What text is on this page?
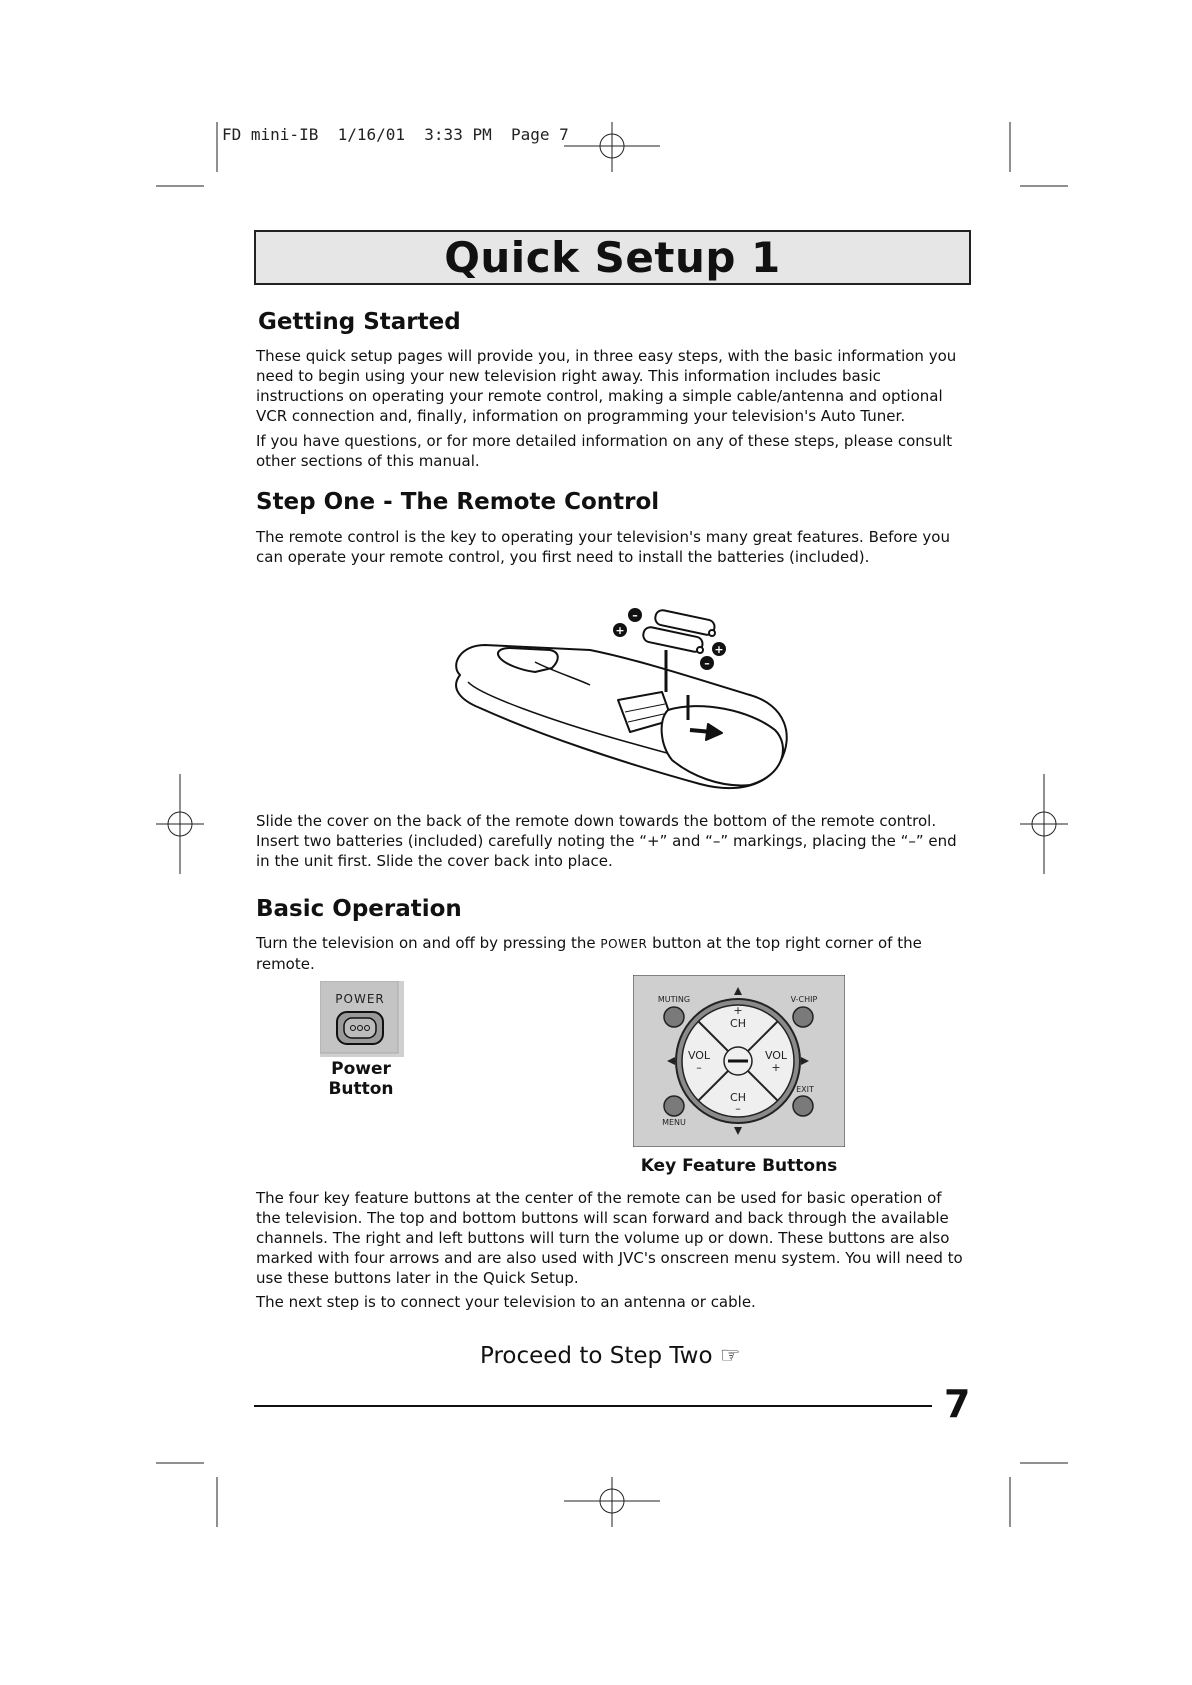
FD mini-IB  1/16/01  3:33 PM  Page 7
Quick Setup 1
Getting Started

These quick setup pages will provide you, in three easy steps, with the basic information you need to begin using your new television right away. This information includes basic instructions on operating your remote control, making a simple cable/antenna and optional VCR connection and, finally, information on programming your television's Auto Tuner.

If you have questions, or for more detailed information on any of these steps, please consult other sections of this manual.

Step One - The Remote Control

The remote control is the key to operating your television's many great features. Before you can operate your remote control, you first need to install the batteries (included).

–
+
+
–

Slide the cover on the back of the remote down towards the bottom of the remote control. Insert two batteries (included) carefully noting the “+” and “–” markings, placing the “–” end in the unit first. Slide the cover back into place.

Basic Operation

Turn the television on and off by pressing the POWER button at the top right corner of the remote.

POWER
Power Button
MUTING	V-CHIP
EXIT
MENU
+
CH
CH
–
VOL
–
VOL
+
Key Feature Buttons

The four key feature buttons at the center of the remote can be used for basic operation of the television. The top and bottom buttons will scan forward and back through the available channels. The right and left buttons will turn the volume up or down. These buttons are also marked with four arrows and are also used with JVC's onscreen menu system. You will need to use these buttons later in the Quick Setup.

The next step is to connect your television to an antenna or cable.

Proceed to Step Two ☞
7
